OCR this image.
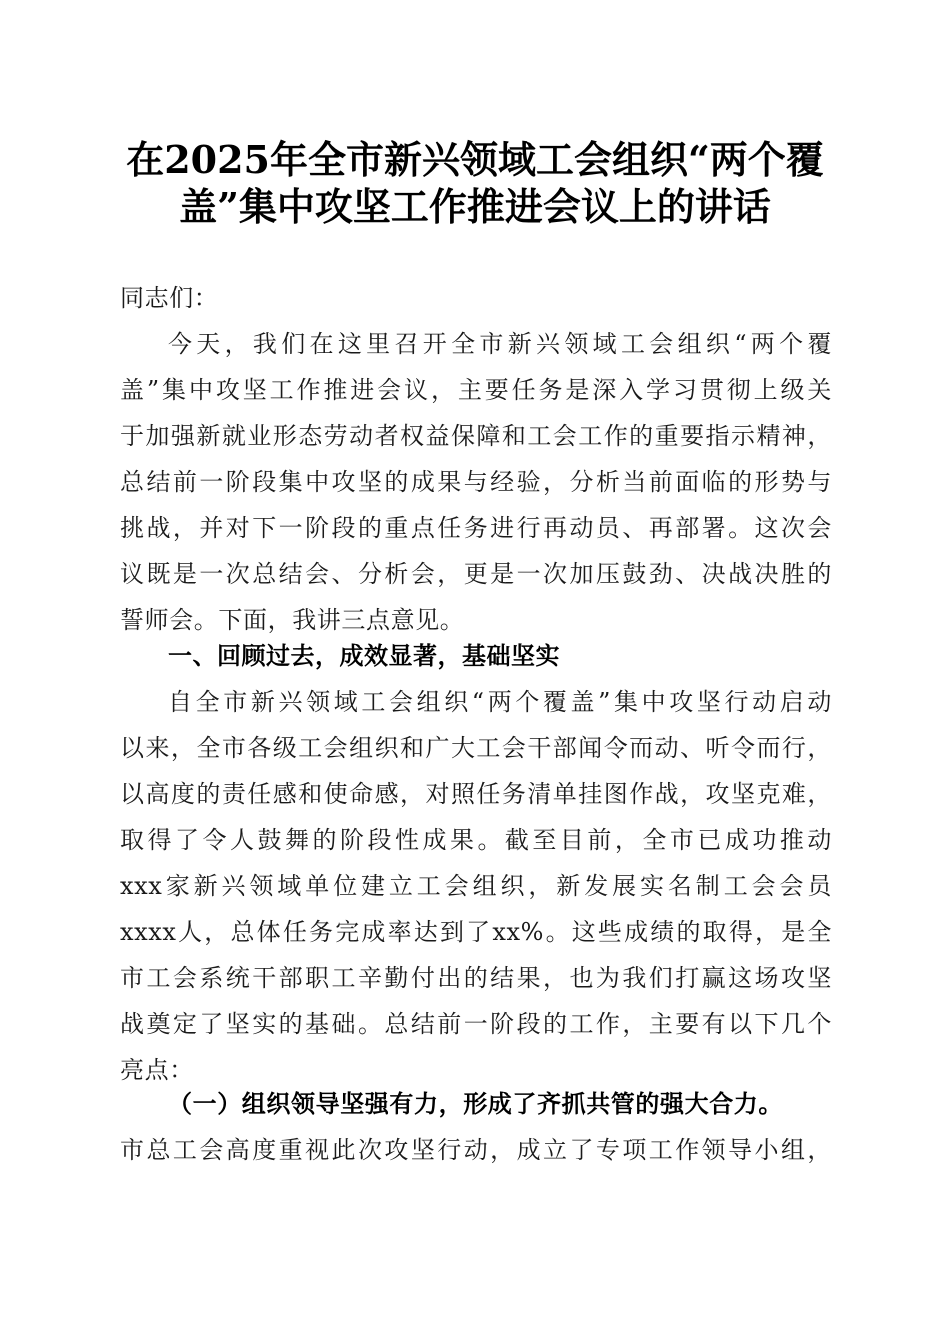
在2025年全市新兴领域工会组织“两个覆
盖”集中攻坚工作推进会议上的讲话
同志们：
今天，我们在这里召开全市新兴领域工会组织“两个覆
盖”集中攻坚工作推进会议，主要任务是深入学习贯彻上级关
于加强新就业形态劳动者权益保障和工会工作的重要指示精神，
总结前一阶段集中攻坚的成果与经验，分析当前面临的形势与
挑战，并对下一阶段的重点任务进行再动员、再部署。这次会
议既是一次总结会、分析会，更是一次加压鼓劲、决战决胜的
誓师会。下面，我讲三点意见。
一、回顾过去，成效显著，基础坚实
自全市新兴领域工会组织“两个覆盖”集中攻坚行动启动
以来，全市各级工会组织和广大工会干部闻令而动、听令而行，
以高度的责任感和使命感，对照任务清单挂图作战，攻坚克难，
取得了令人鼓舞的阶段性成果。截至目前，全市已成功推动
xxx家新兴领域单位建立工会组织，新发展实名制工会会员
xxxx人，总体任务完成率达到了xx%。这些成绩的取得，是全
市工会系统干部职工辛勤付出的结果，也为我们打赢这场攻坚
战奠定了坚实的基础。总结前一阶段的工作，主要有以下几个
亮点：
（一）组织领导坚强有力，形成了齐抓共管的强大合力。
市总工会高度重视此次攻坚行动，成立了专项工作领导小组，
